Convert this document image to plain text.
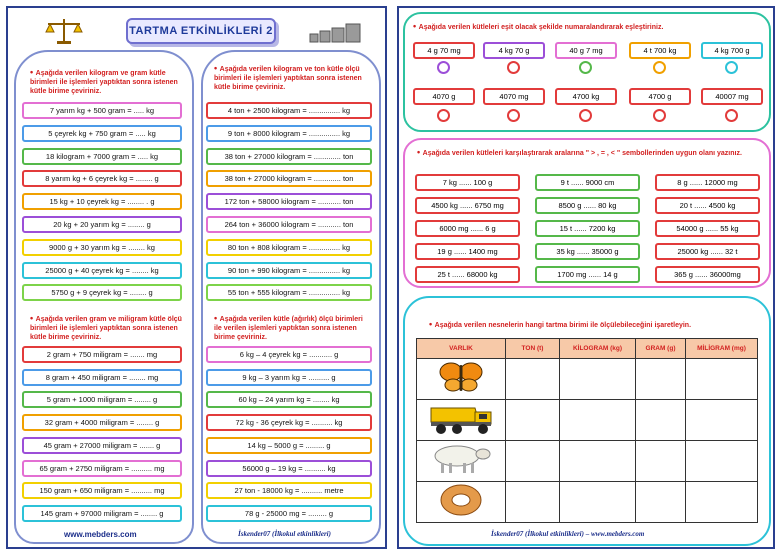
TARTMA ETKİNLİKLERİ 2
• Aşağıda verilen kilogram ve gram kütle birimleri ile işlemleri yaptıktan sonra istenen kütle birime çeviriniz.
7 yarım kg + 500 gram = ..... kg
5 çeyrek kg + 750 gram = ..... kg
18 kilogram + 7000 gram = ..... kg
8 yarım kg + 6 çeyrek kg = ........ g
15 kg + 10 çeyrek kg = ........ . g
20 kg + 20 yarım kg = ........ g
9000 g + 30 yarım kg = ........ kg
25000 g + 40 çeyrek kg = ........ kg
5750 g + 9 çeyrek kg = ........ g
• Aşağıda verilen gram ve miligram kütle ölçü birimleri ile işlemleri yaptıktan sonra istenen kütle birime çeviriniz.
2 gram + 750 miligram = ....... mg
8 gram + 450 miligram = ........ mg
5 gram + 1000 miligram = ........ g
32 gram + 4000 miligram = ........ g
45 gram + 27000 miligram = ....... g
65 gram + 2750 miligram = .......... mg
150 gram + 650 miligram = .......... mg
145 gram + 97000 miligram = ........ g
• Aşağıda verilen kilogram ve ton kütle ölçü birimleri ile işlemleri yaptıktan sonra istenen kütle birime çeviriniz.
4 ton + 2500 kilogram = ............... kg
9 ton + 8000 kilogram = ............... kg
38 ton + 27000 kilogram = ............. ton
38 ton + 27000 kilogram = ............. ton
172 ton + 58000 kilogram = ........... ton
264 ton + 36000 kilogram = ........... ton
80 ton + 808 kilogram = ............... kg
90 ton + 990 kilogram = ............... kg
55 ton + 555 kilogram = ............... kg
• Aşağıda verilen kütle (ağırlık) ölçü birimleri ile verilen işlemleri yaptıktan sonra istenen birime çeviriniz.
6 kg – 4 çeyrek kg = ........... g
9 kg – 3 yarım kg = .......... g
60 kg – 24 yarım kg = ........ kg
72 kg - 36 çeyrek kg = .......... kg
14 kg – 5000 g = ......... g
56000 g – 19 kg = .......... kg
27 ton - 18000 kg = .......... metre
78 g - 25000 mg = ......... g
www.mebders.com	İskender07 (İlkokul etkinlikleri)
• Aşağıda verilen kütleleri eşit olacak şekilde numaralandırarak eşleştiriniz.
4 g 70 mg	4 kg 70 g	40 g 7 mg	4 t 700 kg	4 kg 700 g
4070 g	4070 mg	4700 kg	4700 g	40007 mg
• Aşağıda verilen kütleleri karşılaştırarak aralarına " > , = , < " sembollerinden uygun olanı yazınız.
7 kg ...... 100 g	9 t ...... 9000 cm	8 g ...... 12000 mg
4500 kg ...... 6750 mg	8500 g ...... 80 kg	20 t ...... 4500 kg
6000 mg ...... 6 g	15 t ...... 7200 kg	54000 g ...... 55 kg
19 g ...... 1400 mg	35 kg ...... 35000 g	25000 kg ...... 32 t
25 t ...... 68000 kg	1700 mg ...... 14 g	365 g ...... 36000mg
• Aşağıda verilen nesnelerin hangi tartma birimi ile ölçülebileceğini işaretleyin.
VARLIK	TON (t)	KİLOGRAM (kg)	GRAM (g)	MİLİGRAM (mg)

İskender07 (İlkokul etkinlikleri) – www.mebders.com
